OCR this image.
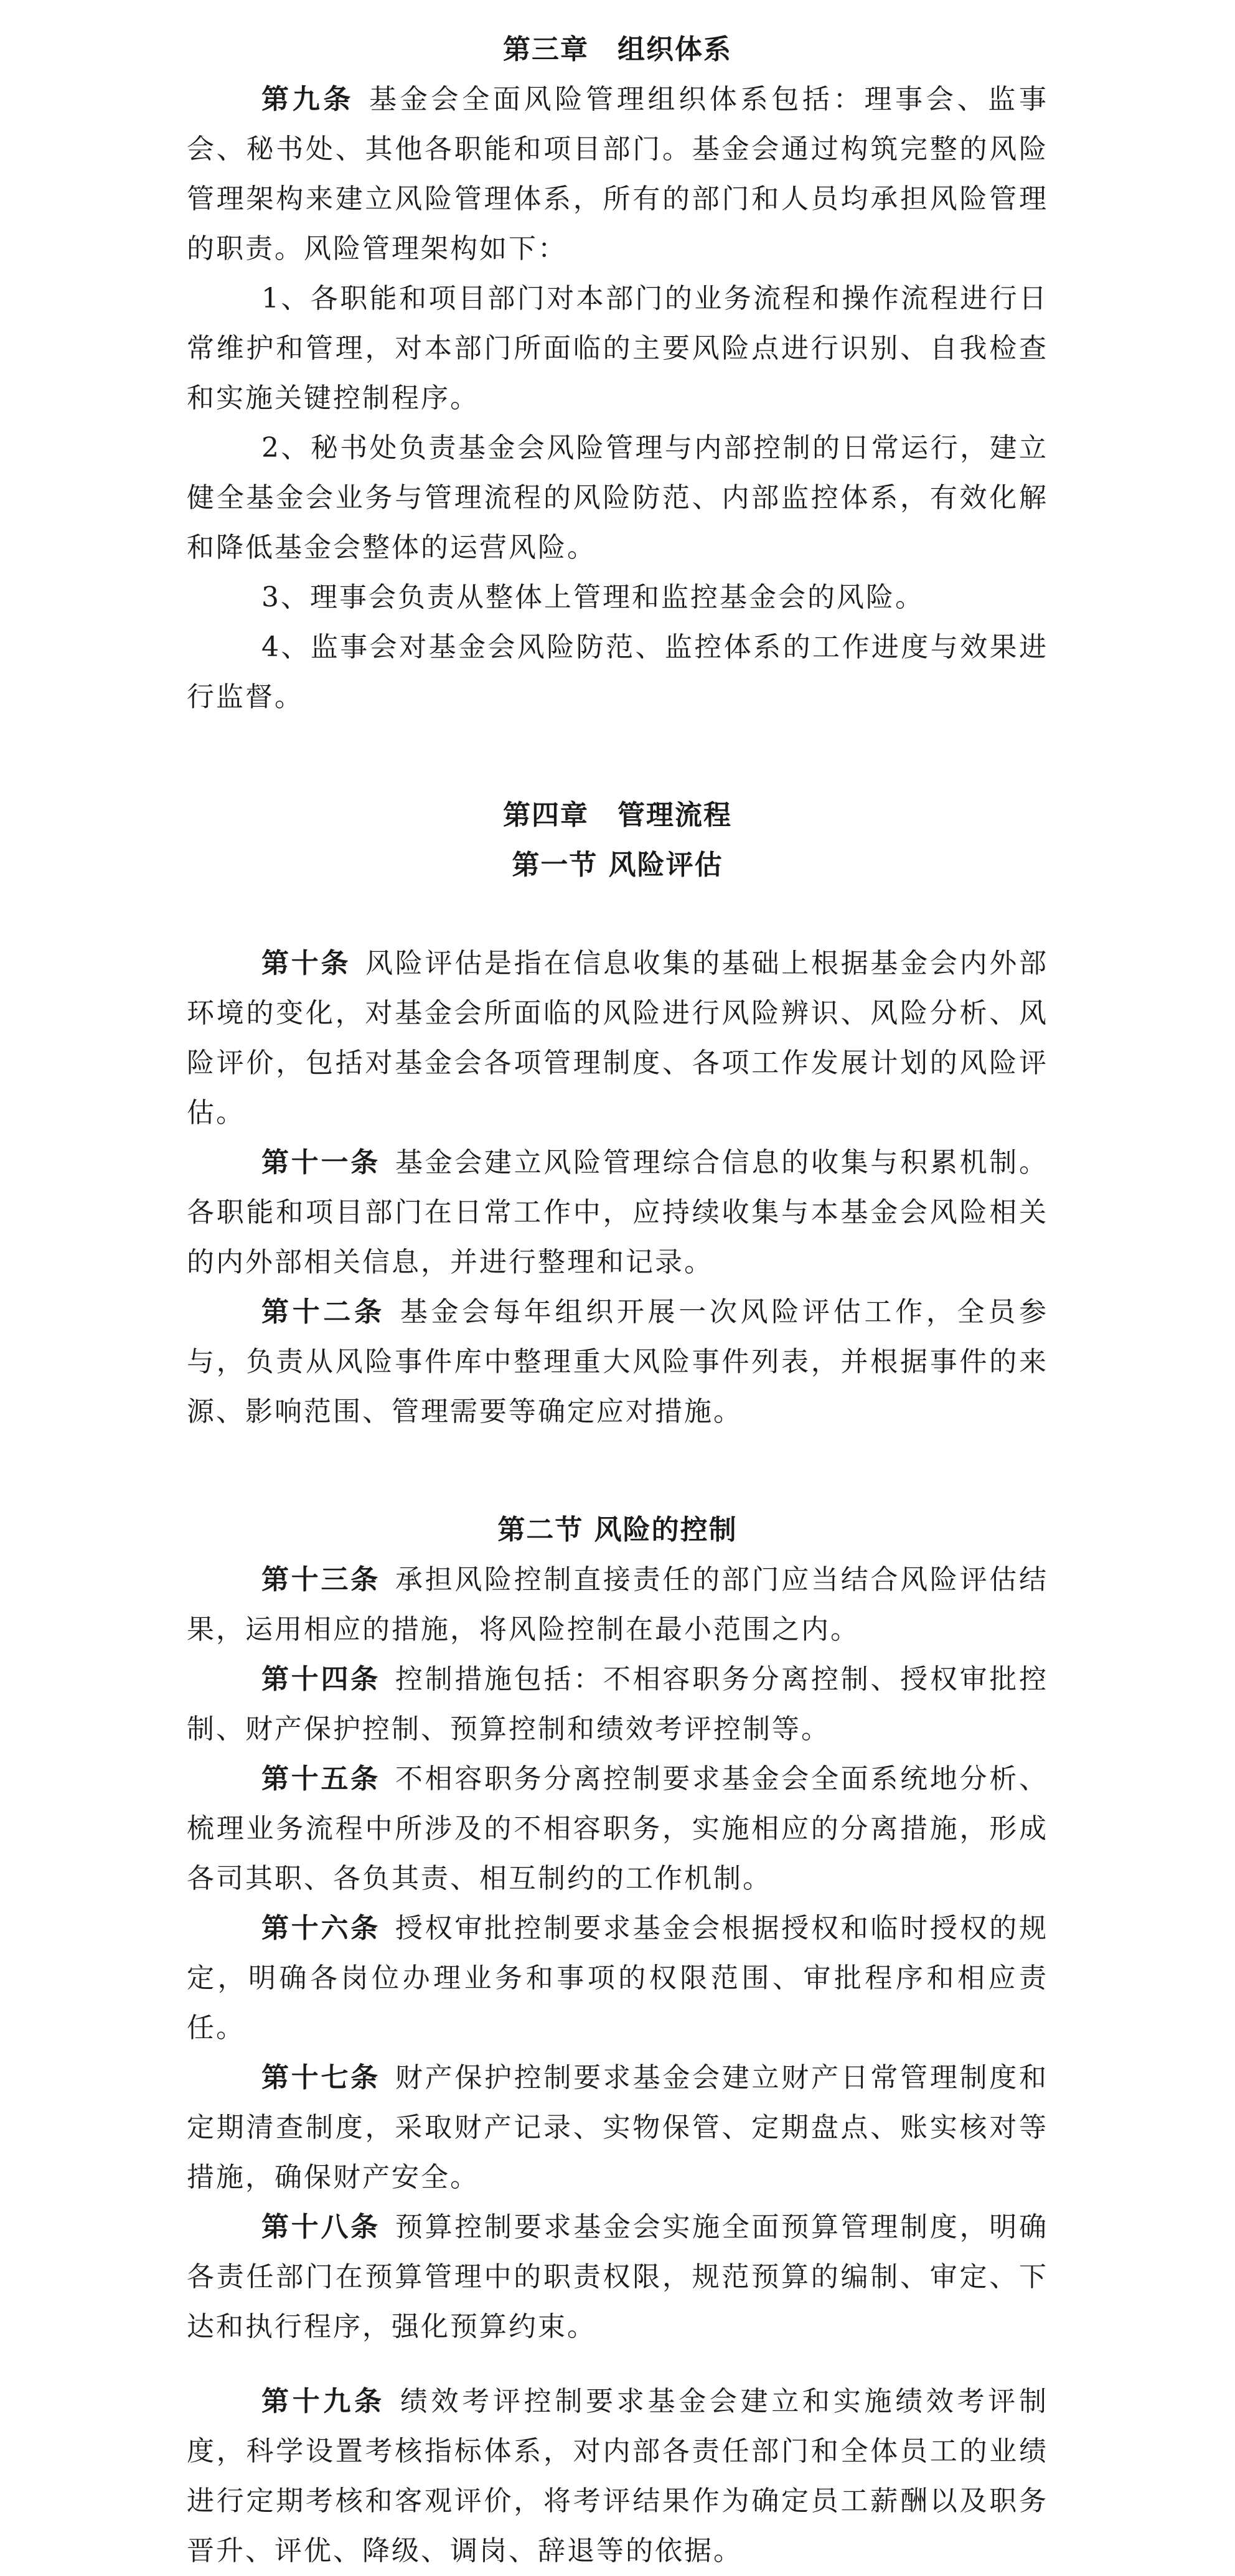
第三章　组织体系

第九条 基金会全面风险管理组织体系包括：理事会、监事会、秘书处、其他各职能和项目部门。基金会通过构筑完整的风险管理架构来建立风险管理体系，所有的部门和人员均承担风险管理的职责。风险管理架构如下：

1、各职能和项目部门对本部门的业务流程和操作流程进行日常维护和管理，对本部门所面临的主要风险点进行识别、自我检查和实施关键控制程序。

2、秘书处负责基金会风险管理与内部控制的日常运行，建立健全基金会业务与管理流程的风险防范、内部监控体系，有效化解和降低基金会整体的运营风险。

3、理事会负责从整体上管理和监控基金会的风险。

4、监事会对基金会风险防范、监控体系的工作进度与效果进行监督。

第四章　管理流程

第一节 风险评估

第十条 风险评估是指在信息收集的基础上根据基金会内外部环境的变化，对基金会所面临的风险进行风险辨识、风险分析、风险评价，包括对基金会各项管理制度、各项工作发展计划的风险评估。

第十一条 基金会建立风险管理综合信息的收集与积累机制。各职能和项目部门在日常工作中，应持续收集与本基金会风险相关的内外部相关信息，并进行整理和记录。

第十二条 基金会每年组织开展一次风险评估工作，全员参与，负责从风险事件库中整理重大风险事件列表，并根据事件的来源、影响范围、管理需要等确定应对措施。

第二节 风险的控制

第十三条 承担风险控制直接责任的部门应当结合风险评估结果，运用相应的措施，将风险控制在最小范围之内。

第十四条 控制措施包括：不相容职务分离控制、授权审批控制、财产保护控制、预算控制和绩效考评控制等。

第十五条 不相容职务分离控制要求基金会全面系统地分析、梳理业务流程中所涉及的不相容职务，实施相应的分离措施，形成各司其职、各负其责、相互制约的工作机制。

第十六条 授权审批控制要求基金会根据授权和临时授权的规定，明确各岗位办理业务和事项的权限范围、审批程序和相应责任。

第十七条 财产保护控制要求基金会建立财产日常管理制度和定期清查制度，采取财产记录、实物保管、定期盘点、账实核对等措施，确保财产安全。

第十八条 预算控制要求基金会实施全面预算管理制度，明确各责任部门在预算管理中的职责权限，规范预算的编制、审定、下达和执行程序，强化预算约束。

第十九条 绩效考评控制要求基金会建立和实施绩效考评制度，科学设置考核指标体系，对内部各责任部门和全体员工的业绩进行定期考核和客观评价，将考评结果作为确定员工薪酬以及职务晋升、评优、降级、调岗、辞退等的依据。
